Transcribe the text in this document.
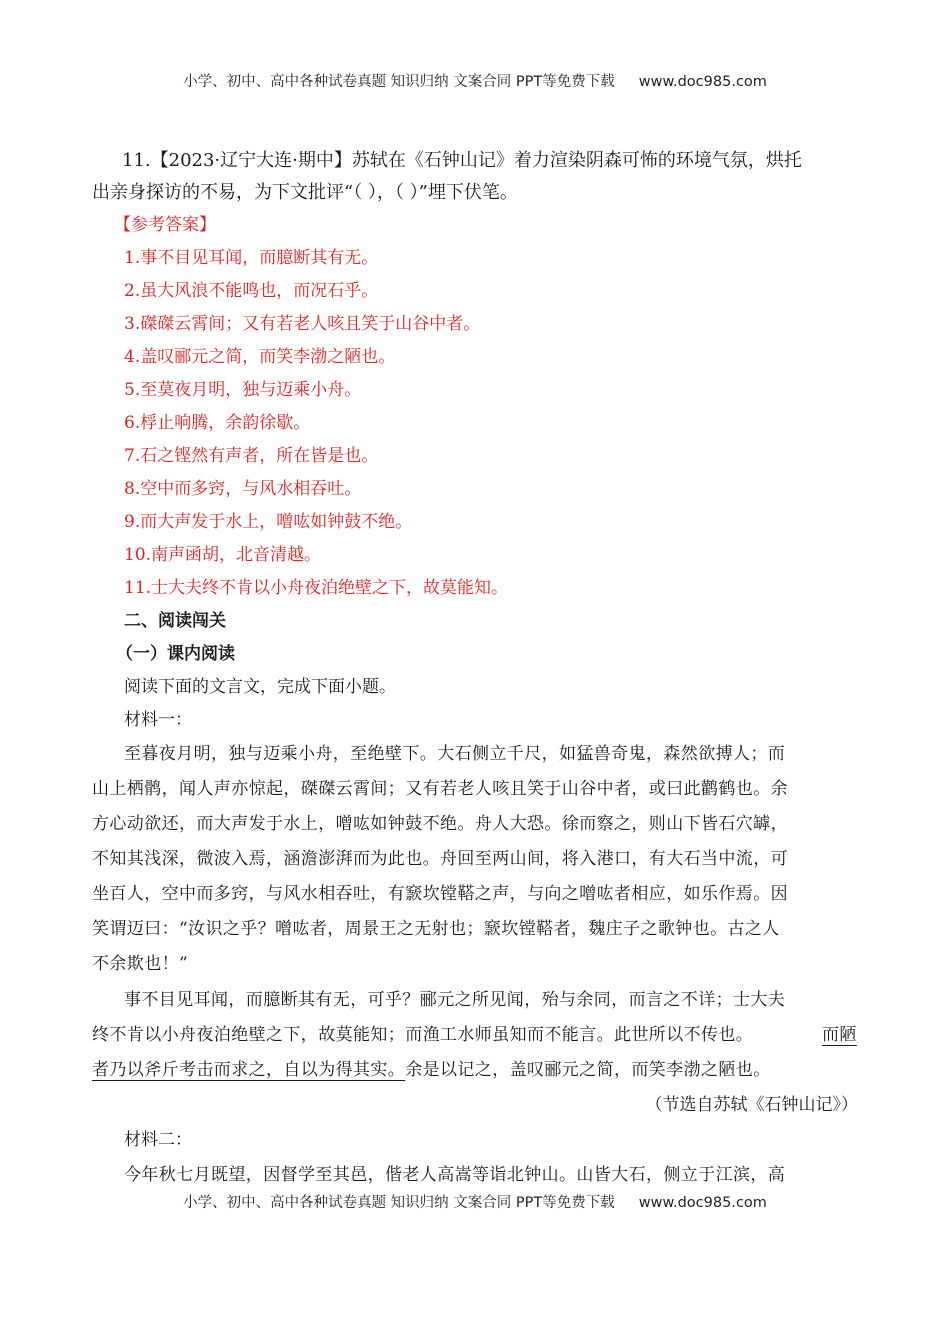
小学、初中、高中各种试卷真题 知识归纳 文案合同 PPT等免费下载 www.doc985.com
11.【2023·辽宁大连·期中】苏轼在《石钟山记》着力渲染阴森可怖的环境气氛，烘托
出亲身探访的不易，为下文批评“（ ），（ ）”埋下伏笔。
【参考答案】
1.事不目见耳闻，而臆断其有无。
2.虽大风浪不能鸣也，而况石乎。
3.磔磔云霄间；又有若老人咳且笑于山谷中者。
4.盖叹郦元之简，而笑李渤之陋也。
5.至莫夜月明，独与迈乘小舟。
6.桴止响腾，余韵徐歇。
7.石之铿然有声者，所在皆是也。
8.空中而多窍，与风水相吞吐。
9.而大声发于水上，噌吰如钟鼓不绝。
10.南声函胡，北音清越。
11.士大夫终不肯以小舟夜泊绝壁之下，故莫能知。
二、阅读闯关
（一）课内阅读
阅读下面的文言文，完成下面小题。
材料一：
至暮夜月明，独与迈乘小舟，至绝壁下。大石侧立千尺，如猛兽奇鬼，森然欲搏人；而
山上栖鹘，闻人声亦惊起，磔磔云霄间；又有若老人咳且笑于山谷中者，或曰此鹳鹤也。余
方心动欲还，而大声发于水上，噌吰如钟鼓不绝。舟人大恐。徐而察之，则山下皆石穴罅，
不知其浅深，微波入焉，涵澹澎湃而为此也。舟回至两山间，将入港口，有大石当中流，可
坐百人，空中而多窍，与风水相吞吐，有窾坎镗鞳之声，与向之噌吰者相应，如乐作焉。因
笑谓迈曰：“汝识之乎？噌吰者，周景王之无射也；窾坎镗鞳者，魏庄子之歌钟也。古之人
不余欺也！”
事不目见耳闻，而臆断其有无，可乎？郦元之所见闻，殆与余同，而言之不详；士大夫
终不肯以小舟夜泊绝壁之下，故莫能知；而渔工水师虽知而不能言。此世所以不传也。	而陋
者乃以斧斤考击而求之，自以为得其实。余是以记之，盖叹郦元之简，而笑李渤之陋也。
（节选自苏轼《石钟山记》）
材料二：
今年秋七月既望，因督学至其邑，偕老人高嵩等诣北钟山。山皆大石，侧立于江滨，高
小学、初中、高中各种试卷真题 知识归纳 文案合同 PPT等免费下载 www.doc985.com
